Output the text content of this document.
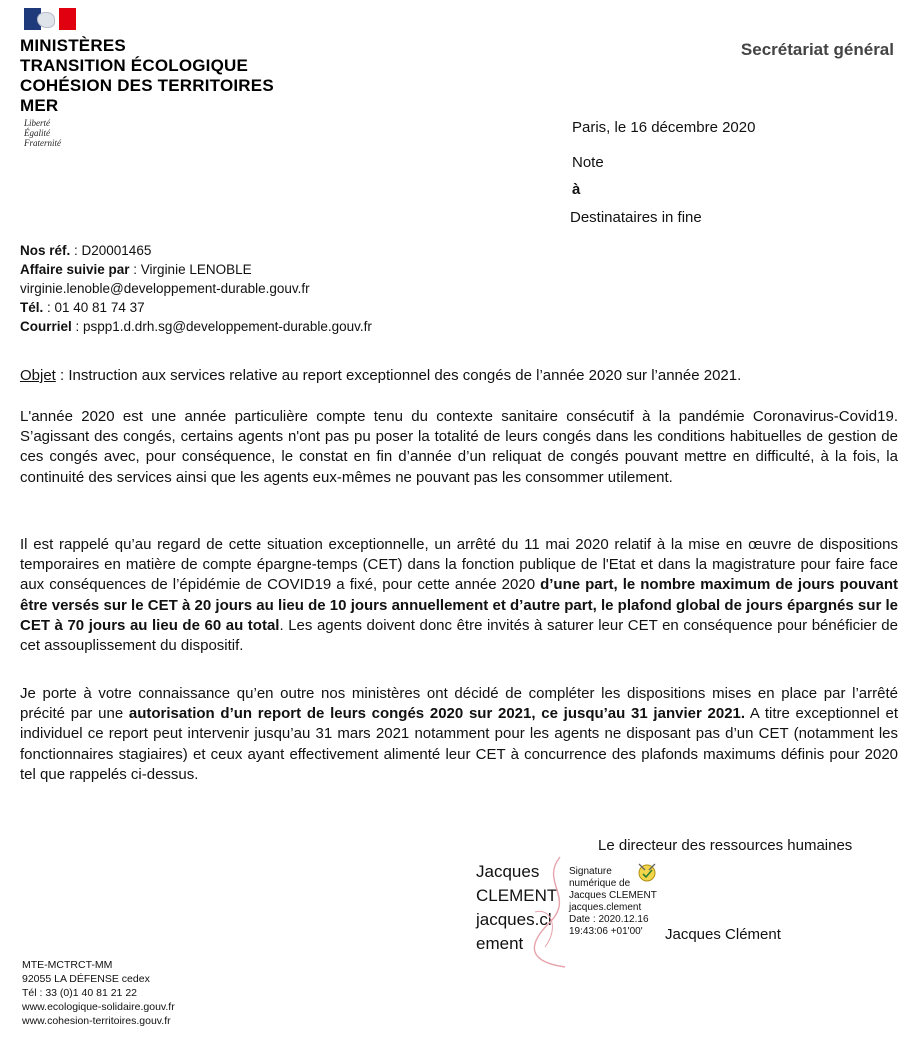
MINISTÈRES
TRANSITION ÉCOLOGIQUE
COHÉSION DES TERRITOIRES
MER
Liberté
Égalité
Fraternité
Secrétariat général
Paris, le 16 décembre 2020
Note
à
Destinataires in fine
Nos réf. : D20001465
Affaire suivie par : Virginie LENOBLE
virginie.lenoble@developpement-durable.gouv.fr
Tél. : 01 40 81 74 37
Courriel : pspp1.d.drh.sg@developpement-durable.gouv.fr
Objet : Instruction aux services relative au report exceptionnel des congés de l’année 2020 sur l’année 2021.
L'année 2020 est une année particulière compte tenu du contexte sanitaire consécutif à la pandémie Coronavirus-Covid19. S’agissant des congés, certains agents n'ont pas pu poser la totalité de leurs congés dans les conditions habituelles de gestion de ces congés avec, pour conséquence, le constat en fin d’année d’un reliquat de congés pouvant mettre en difficulté, à la fois, la continuité des services ainsi que les agents eux-mêmes ne pouvant pas les consommer utilement.
Il est rappelé qu’au regard de cette situation exceptionnelle, un arrêté du 11 mai 2020 relatif à la mise en œuvre de dispositions temporaires en matière de compte épargne-temps (CET) dans la fonction publique de l'Etat et dans la magistrature pour faire face aux conséquences de l’épidémie de COVID19 a fixé, pour cette année 2020 d’une part, le nombre maximum de jours pouvant être versés sur le CET à 20 jours au lieu de 10 jours annuellement et d’autre part, le plafond global de jours épargnés sur le CET à 70 jours au lieu de 60 au total. Les agents doivent donc être invités à saturer leur CET en conséquence pour bénéficier de cet assouplissement du dispositif.
Je porte à votre connaissance qu’en outre nos ministères ont décidé de compléter les dispositions mises en place par l’arrêté précité par une autorisation d’un report de leurs congés 2020 sur 2021, ce jusqu’au 31 janvier 2021. A titre exceptionnel et individuel ce report peut intervenir jusqu’au 31 mars 2021 notamment pour les agents ne disposant pas d’un CET (notamment les fonctionnaires stagiaires) et ceux ayant effectivement alimenté leur CET à concurrence des plafonds maximums définis pour 2020 tel que rappelés ci-dessus.
Le directeur des ressources humaines
Jacques
CLEMENT
jacques.cl
ement
Signature
numérique de
Jacques CLEMENT
jacques.clement
Date : 2020.12.16
19:43:06 +01'00'	Jacques Clément
MTE-MCTRCT-MM
92055 LA DÉFENSE cedex
Tél : 33 (0)1 40 81 21 22
www.ecologique-solidaire.gouv.fr
www.cohesion-territoires.gouv.fr
